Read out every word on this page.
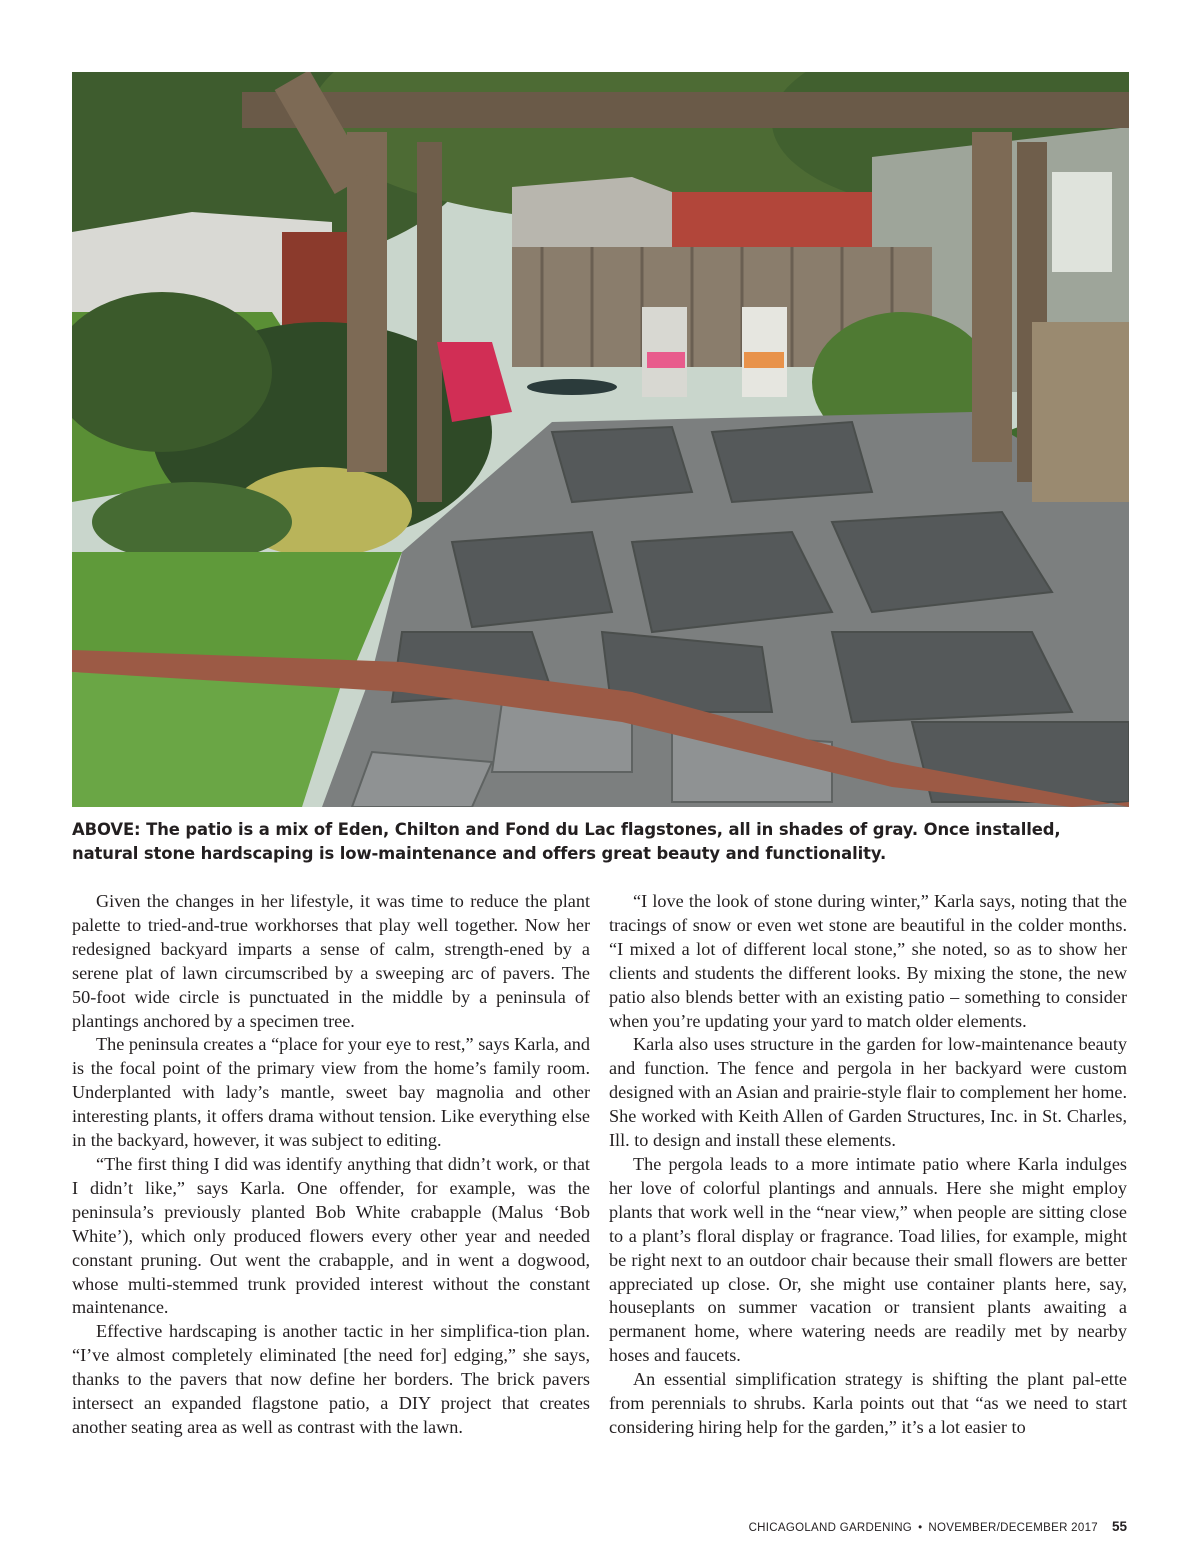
ABOVE: The patio is a mix of Eden, Chilton and Fond du Lac flagstones, all in shades of gray. Once installed, natural stone hardscaping is low-maintenance and offers great beauty and functionality.

Given the changes in her lifestyle, it was time to reduce the plant palette to tried-and-true workhorses that play well together. Now her redesigned backyard imparts a sense of calm, strength-ened by a serene plat of lawn circumscribed by a sweeping arc of pavers. The 50-foot wide circle is punctuated in the middle by a peninsula of plantings anchored by a specimen tree.

The peninsula creates a “place for your eye to rest,” says Karla, and is the focal point of the primary view from the home’s family room. Underplanted with lady’s mantle, sweet bay magnolia and other interesting plants, it offers drama without tension. Like everything else in the backyard, however, it was subject to editing.

“The first thing I did was identify anything that didn’t work, or that I didn’t like,” says Karla. One offender, for example, was the peninsula’s previously planted Bob White crabapple (Malus ‘Bob White’), which only produced flowers every other year and needed constant pruning. Out went the crabapple, and in went a dogwood, whose multi-stemmed trunk provided interest without the constant maintenance.

Effective hardscaping is another tactic in her simplifica-tion plan. “I’ve almost completely eliminated [the need for] edging,” she says, thanks to the pavers that now define her borders. The brick pavers intersect an expanded flagstone patio, a DIY project that creates another seating area as well as contrast with the lawn.

“I love the look of stone during winter,” Karla says, noting that the tracings of snow or even wet stone are beautiful in the colder months. “I mixed a lot of different local stone,” she noted, so as to show her clients and students the different looks. By mixing the stone, the new patio also blends better with an existing patio – something to consider when you’re updating your yard to match older elements.

Karla also uses structure in the garden for low-maintenance beauty and function. The fence and pergola in her backyard were custom designed with an Asian and prairie-style flair to complement her home. She worked with Keith Allen of Garden Structures, Inc. in St. Charles, Ill. to design and install these elements.

The pergola leads to a more intimate patio where Karla indulges her love of colorful plantings and annuals. Here she might employ plants that work well in the “near view,” when people are sitting close to a plant’s floral display or fragrance. Toad lilies, for example, might be right next to an outdoor chair because their small flowers are better appreciated up close. Or, she might use container plants here, say, houseplants on summer vacation or transient plants awaiting a permanent home, where watering needs are readily met by nearby hoses and faucets.

An essential simplification strategy is shifting the plant pal-ette from perennials to shrubs. Karla points out that “as we need to start considering hiring help for the garden,” it’s a lot easier to

CHICAGOLAND GARDENING • NOVEMBER/DECEMBER 2017 55
